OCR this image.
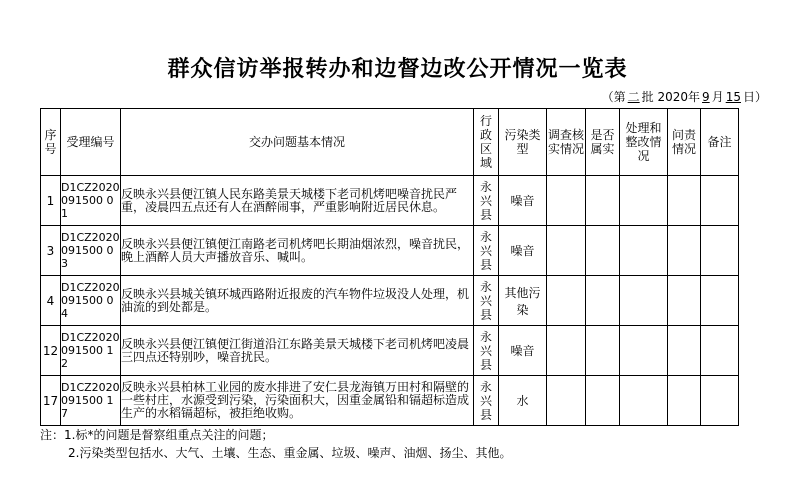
群众信访举报转办和边督边改公开情况一览表
（第 二 批 2020年 9 月 15 日）
序号	受理编号	交办问题基本情况	行政区域	污染类型	调查核实情况	是否属实	处理和整改情况	问责情况	备注
1	D1CZ2020091500 01	反映永兴县便江镇人民东路美景天城楼下老司机烤吧噪音扰民严重，凌晨四五点还有人在酒醉闹事，严重影响附近居民休息。	永兴县	噪音					
3	D1CZ2020091500 03	反映永兴县便江镇便江南路老司机烤吧长期油烟浓烈，噪音扰民，晚上酒醉人员大声播放音乐、喊叫。	永兴县	噪音					
4	D1CZ2020091500 04	反映永兴县城关镇环城西路附近报废的汽车物件垃圾没人处理，机油流的到处都是。	永兴县	其他污染					
12	D1CZ2020091500 12	反映永兴县便江镇便江街道沿江东路美景天城楼下老司机烤吧凌晨三四点还特别吵，噪音扰民。	永兴县	噪音					
17	D1CZ2020091500 17	反映永兴县柏林工业园的废水排进了安仁县龙海镇万田村和隔壁的一些村庄，水源受到污染，污染面积大，因重金属铅和镉超标造成生产的水稻镉超标，被拒绝收购。	永兴县	水					
注：1.标*的问题是督察组重点关注的问题；
2.污染类型包括水、大气、土壤、生态、重金属、垃圾、噪声、油烟、扬尘、其他。
